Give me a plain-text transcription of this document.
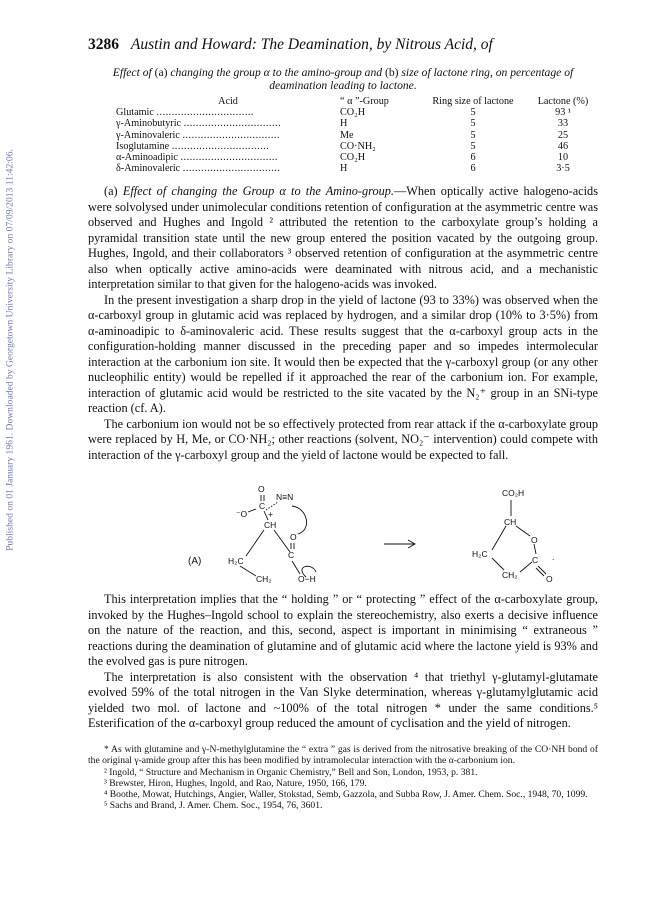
Published on 01 January 1961. Downloaded by Georgetown University Library on 07/09/2013 11:42:06.
3286 Austin and Howard: The Deamination, by Nitrous Acid, of
Effect of (a) changing the group α to the amino-group and (b) size of lactone ring, on percentage of deamination leading to lactone.
Acid	“ α ”-Group	Ring size of lactone	Lactone (%)
Glutamic ................................	CO₂H	5	93 ¹
γ-Aminobutyric ................................	H	5	33
γ-Aminovaleric ................................	Me	5	25
Isoglutamine ................................	CO·NH₂	5	46
α-Aminoadipic ................................	CO₂H	6	10
δ-Aminovaleric ................................	H	6	3·5

(a) Effect of changing the Group α to the Amino-group.—When optically active halogeno-acids were solvolysed under unimolecular conditions retention of configuration at the asymmetric centre was observed and Hughes and Ingold ² attributed the retention to the carboxylate group’s holding a pyramidal transition state until the new group entered the position vacated by the outgoing group. Hughes, Ingold, and their collaborators ³ observed retention of configuration at the asymmetric centre also when optically active amino-acids were deaminated with nitrous acid, and a mechanistic interpretation similar to that given for the halogeno-acids was invoked.

In the present investigation a sharp drop in the yield of lactone (93 to 33%) was observed when the α-carboxyl group in glutamic acid was replaced by hydrogen, and a similar drop (10% to 3·5%) from α-aminoadipic to δ-aminovaleric acid. These results suggest that the α-carboxyl group acts in the configuration-holding manner discussed in the preceding paper and so impedes intermolecular interaction at the carbonium ion site. It would then be expected that the γ-carboxyl group (or any other nucleophilic entity) would be repelled if it approached the rear of the carbonium ion. For example, interaction of glutamic acid would be restricted to the site vacated by the N₂⁺ group in an SNi-type reaction (cf. A).

The carbonium ion would not be so effectively protected from rear attack if the α-carboxylate group were replaced by H, Me, or CO·NH₂; other reactions (solvent, NO₂⁻ intervention) could compete with interaction of the γ-carboxyl group and the yield of lactone would be expected to fall.

(A)
O
C
⁻O
N≡N
+
CH
H₂C
C
O
CH₂	O−H
CO₂H
CH
O
H₂C
C
CH₂	O
.

This interpretation implies that the “ holding ” or “ protecting ” effect of the α-carboxylate group, invoked by the Hughes–Ingold school to explain the stereochemistry, also exerts a decisive influence on the nature of the reaction, and this, second, aspect is important in minimising “ extraneous ” reactions during the deamination of glutamine and of glutamic acid where the lactone yield is 93% and the evolved gas is pure nitrogen.

The interpretation is also consistent with the observation ⁴ that triethyl γ-glutamyl-glutamate evolved 59% of the total nitrogen in the Van Slyke determination, whereas γ-glutamylglutamic acid yielded two mol. of lactone and ~100% of the total nitrogen * under the same conditions.⁵ Esterification of the α-carboxyl group reduced the amount of cyclisation and the yield of nitrogen.

* As with glutamine and γ-N-methylglutamine the “ extra ” gas is derived from the nitrosative breaking of the CO·NH bond of the original γ-amide group after this has been modified by intramolecular interaction with the α-carbonium ion.

² Ingold, “ Structure and Mechanism in Organic Chemistry,” Bell and Son, London, 1953, p. 381.

³ Brewster, Hiron, Hughes, Ingold, and Rao, Nature, 1950, 166, 179.

⁴ Boothe, Mowat, Hutchings, Angier, Waller, Stokstad, Semb, Gazzola, and Subba Row, J. Amer. Chem. Soc., 1948, 70, 1099.

⁵ Sachs and Brand, J. Amer. Chem. Soc., 1954, 76, 3601.
